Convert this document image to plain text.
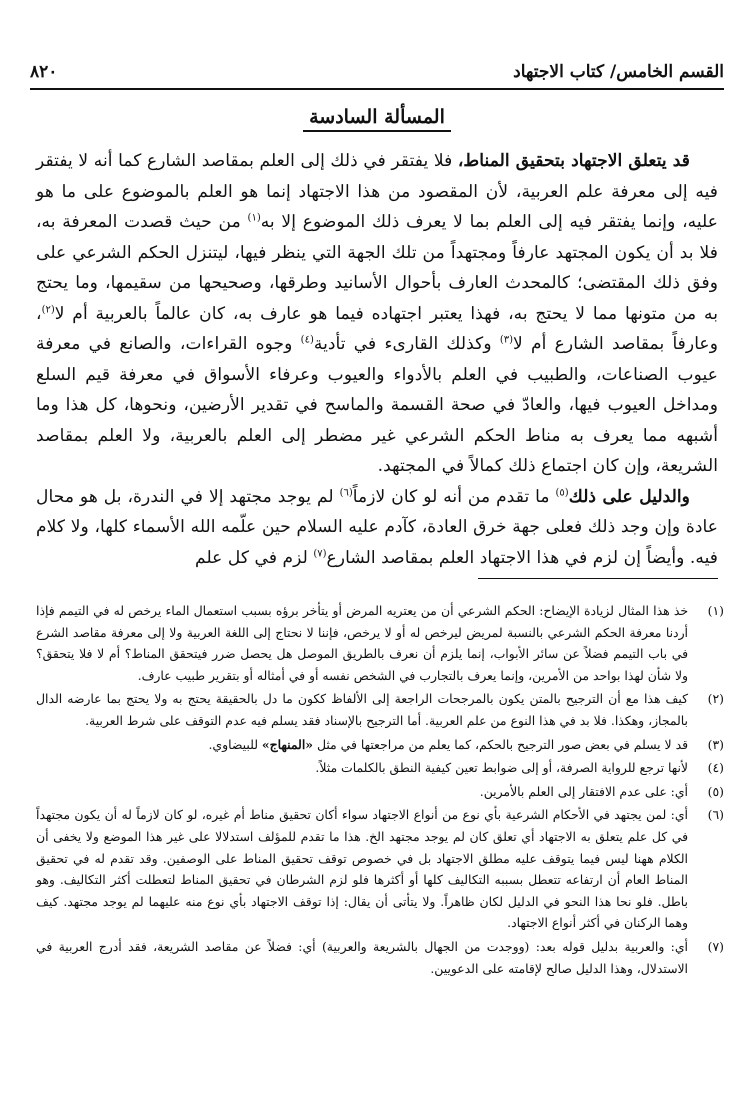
القسم الخامس/ كتاب الاجتهاد
٨٢٠
المسألة السادسة

قد يتعلق الاجتهاد بتحقيق المناط، فلا يفتقر في ذلك إلى العلم بمقاصد الشارع كما أنه لا يفتقر فيه إلى معرفة علم العربية، لأن المقصود من هذا الاجتهاد إنما هو العلم بالموضوع على ما هو عليه، وإنما يفتقر فيه إلى العلم بما لا يعرف ذلك الموضوع إلا به$^{(١)}$ من حيث قصدت المعرفة به، فلا بد أن يكون المجتهد عارفاً ومجتهداً من تلك الجهة التي ينظر فيها، ليتنزل الحكم الشرعي على وفق ذلك المقتضى؛ كالمحدث العارف بأحوال الأسانيد وطرقها، وصحيحها من سقيمها، وما يحتج به من متونها مما لا يحتج به، فهذا يعتبر اجتهاده فيما هو عارف به، كان عالماً بالعربية أم لا$^{(٢)}$، وعارفاً بمقاصد الشارع أم لا$^{(٣)}$ وكذلك القارىء في تأدية$^{(٤)}$ وجوه القراءات، والصانع في معرفة عيوب الصناعات، والطبيب في العلم بالأدواء والعيوب وعرفاء الأسواق في معرفة قيم السلع ومداخل العيوب فيها، والعادّ في صحة القسمة والماسح في تقدير الأرضين، ونحوها، كل هذا وما أشبهه مما يعرف به مناط الحكم الشرعي غير مضطر إلى العلم بالعربية، ولا العلم بمقاصد الشريعة، وإن كان اجتماع ذلك كمالاً في المجتهد.

والدليل على ذلك$^{(٥)}$ ما تقدم من أنه لو كان لازماً$^{(٦)}$ لم يوجد مجتهد إلا في الندرة، بل هو محال عادة وإن وجد ذلك فعلى جهة خرق العادة، كآدم عليه السلام حين علّمه الله الأسماء كلها، ولا كلام فيه. وأيضاً إن لزم في هذا الاجتهاد العلم بمقاصد الشارع$^{(٧)}$ لزم في كل علم

(١)
خذ هذا المثال لزيادة الإيضاح: الحكم الشرعي أن من يعتريه المرض أو يتأخر برؤه بسبب استعمال الماء يرخص له في التيمم فإذا أردنا معرفة الحكم الشرعي بالنسبة لمريض ليرخص له أو لا يرخص، فإننا لا نحتاج إلى اللغة العربية ولا إلى معرفة مقاصد الشرع في باب التيمم فضلاً عن سائر الأبواب، إنما يلزم أن نعرف بالطريق الموصل هل يحصل ضرر فيتحقق المناط؟ أم لا فلا يتحقق؟ ولا شأن لهذا بواحد من الأمرين، وإنما يعرف بالتجارب في الشخص نفسه أو في أمثاله أو بتقرير طبيب عارف.
(٢)
كيف هذا مع أن الترجيح بالمتن يكون بالمرجحات الراجعة إلى الألفاظ ككون ما دل بالحقيقة يحتج به ولا يحتج بما عارضه الدال بالمجاز، وهكذا. فلا بد في هذا النوع من علم العربية. أما الترجيح بالإسناد فقد يسلم فيه عدم التوقف على شرط العربية.
(٣)
قد لا يسلم في بعض صور الترجيح بالحكم، كما يعلم من مراجعتها في مثل «المنهاج» للبيضاوي.
(٤)
لأنها ترجع للرواية الصرفة، أو إلى ضوابط تعين كيفية النطق بالكلمات مثلاً.
(٥)
أي: على عدم الافتقار إلى العلم بالأمرين.
(٦)
أي: لمن يجتهد في الأحكام الشرعية بأي نوع من أنواع الاجتهاد سواء أكان تحقيق مناط أم غيره، لو كان لازماً له أن يكون مجتهداً في كل علم يتعلق به الاجتهاد أي تعلق كان لم يوجد مجتهد الخ. هذا ما تقدم للمؤلف استدلالا على غير هذا الموضع ولا يخفى أن الكلام ههنا ليس فيما يتوقف عليه مطلق الاجتهاد بل في خصوص توقف تحقيق المناط على الوصفين. وقد تقدم له في تحقيق المناط العام أن ارتفاعه تتعطل بسببه التكاليف كلها أو أكثرها فلو لزم الشرطان في تحقيق المناط لتعطلت أكثر التكاليف. وهو باطل. فلو نحا هذا النحو في الدليل لكان ظاهراً. ولا يتأتى أن يقال: إذا توقف الاجتهاد بأي نوع منه عليهما لم يوجد مجتهد. كيف وهما الركنان في أكثر أنواع الاجتهاد.
(٧)
أي: والعربية بدليل قوله بعد: (ووجدت من الجهال بالشريعة والعربية) أي: فضلاً عن مقاصد الشريعة، فقد أدرج العربية في الاستدلال، وهذا الدليل صالح لإقامته على الدعويين.
